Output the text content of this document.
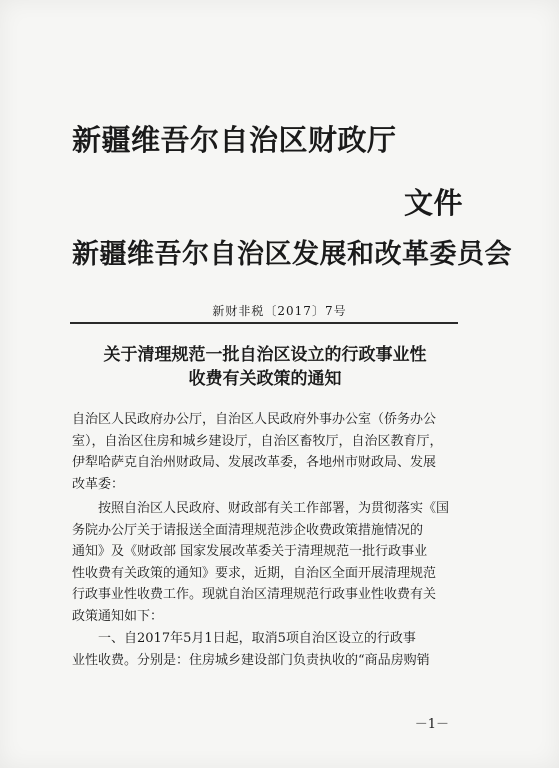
新疆维吾尔自治区财政厅
文件
新疆维吾尔自治区发展和改革委员会
新财非税〔2017〕7号
关于清理规范一批自治区设立的行政事业性
收费有关政策的通知
自治区人民政府办公厅，自治区人民政府外事办公室（侨务办公
室），自治区住房和城乡建设厅，自治区畜牧厅，自治区教育厅，
伊犁哈萨克自治州财政局、发展改革委，各地州市财政局、发展
改革委：
　　按照自治区人民政府、财政部有关工作部署，为贯彻落实《国
务院办公厅关于请报送全面清理规范涉企收费政策措施情况的
通知》及《财政部 国家发展改革委关于清理规范一批行政事业
性收费有关政策的通知》要求，近期，自治区全面开展清理规范
行政事业性收费工作。现就自治区清理规范行政事业性收费有关
政策通知如下：
　　一、自2017年5月1日起，取消5项自治区设立的行政事
业性收费。分别是：住房城乡建设部门负责执收的“商品房购销
－1－
